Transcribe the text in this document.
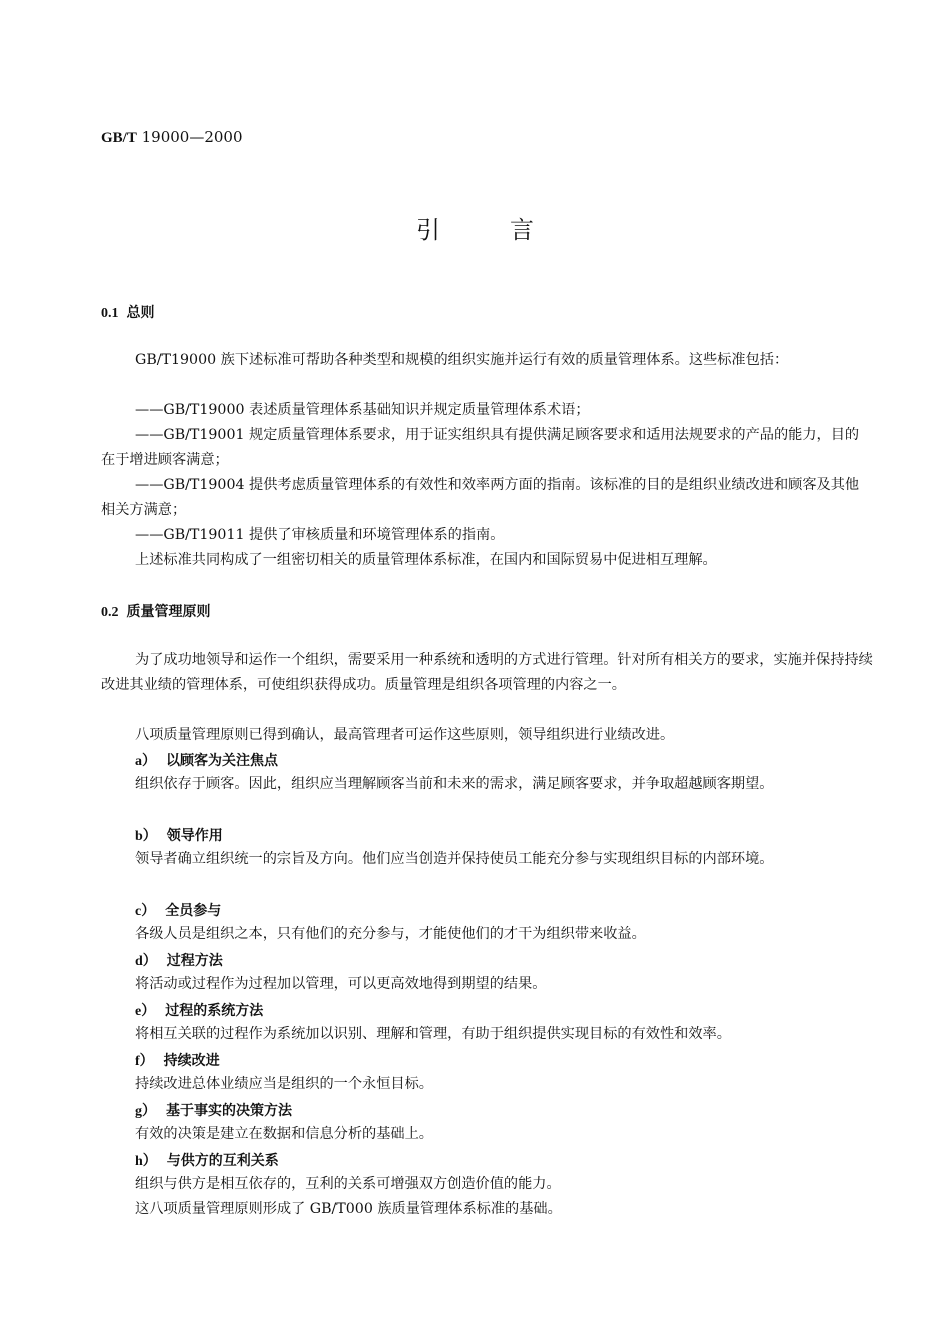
GB/T 19000—2000
引言
0.1 总则

GB/T19000 族下述标准可帮助各种类型和规模的组织实施并运行有效的质量管理体系。这些标准包括：

——GB/T19000 表述质量管理体系基础知识并规定质量管理体系术语；

——GB/T19001 规定质量管理体系要求，用于证实组织具有提供满足顾客要求和适用法规要求的产品的能力，目的在于增进顾客满意；

——GB/T19004 提供考虑质量管理体系的有效性和效率两方面的指南。该标准的目的是组织业绩改进和顾客及其他相关方满意；

——GB/T19011 提供了审核质量和环境管理体系的指南。

上述标准共同构成了一组密切相关的质量管理体系标准，在国内和国际贸易中促进相互理解。

0.2 质量管理原则

为了成功地领导和运作一个组织，需要采用一种系统和透明的方式进行管理。针对所有相关方的要求，实施并保持持续改进其业绩的管理体系，可使组织获得成功。质量管理是组织各项管理的内容之一。

八项质量管理原则已得到确认，最高管理者可运作这些原则，领导组织进行业绩改进。

a） 以顾客为关注焦点

组织依存于顾客。因此，组织应当理解顾客当前和未来的需求，满足顾客要求，并争取超越顾客期望。

b） 领导作用

领导者确立组织统一的宗旨及方向。他们应当创造并保持使员工能充分参与实现组织目标的内部环境。

c） 全员参与

各级人员是组织之本，只有他们的充分参与，才能使他们的才干为组织带来收益。

d） 过程方法

将活动或过程作为过程加以管理，可以更高效地得到期望的结果。

e） 过程的系统方法

将相互关联的过程作为系统加以识别、理解和管理，有助于组织提供实现目标的有效性和效率。

f） 持续改进

持续改进总体业绩应当是组织的一个永恒目标。

g） 基于事实的决策方法

有效的决策是建立在数据和信息分析的基础上。

h） 与供方的互利关系

组织与供方是相互依存的，互利的关系可增强双方创造价值的能力。

这八项质量管理原则形成了 GB/T000 族质量管理体系标准的基础。
